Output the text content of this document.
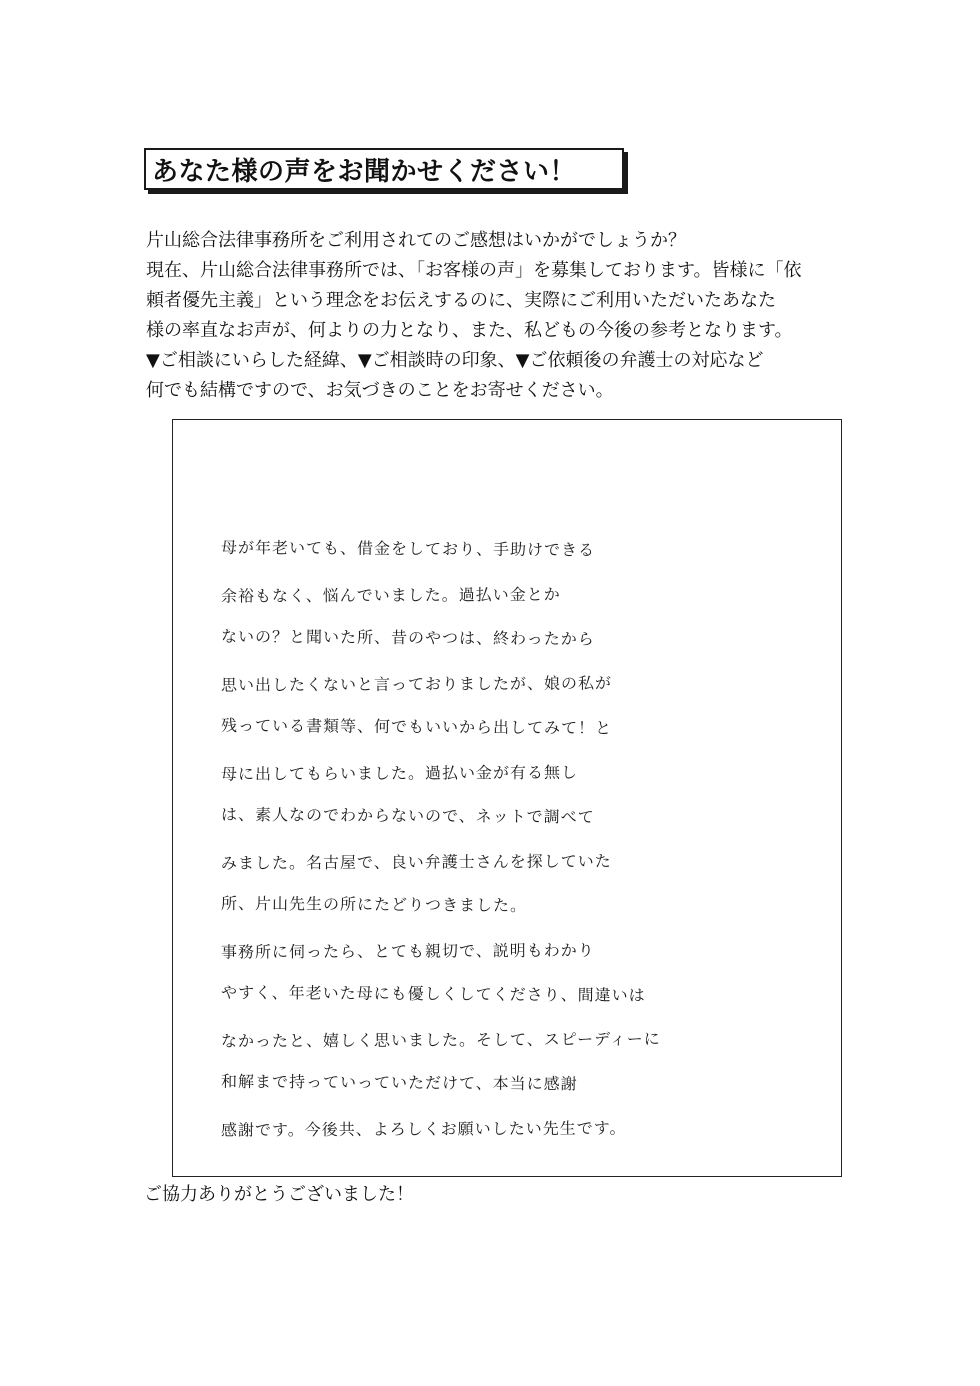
あなた様の声をお聞かせください！
片山総合法律事務所をご利用されてのご感想はいかがでしょうか？
現在、片山総合法律事務所では、「お客様の声」を募集しております。皆様に「依
頼者優先主義」という理念をお伝えするのに、実際にご利用いただいたあなた
様の率直なお声が、何よりの力となり、また、私どもの今後の参考となります。
▼ご相談にいらした経緯、▼ご相談時の印象、▼ご依頼後の弁護士の対応など
何でも結構ですので、お気づきのことをお寄せください。
母が年老いても、借金をしており、手助けできる
余裕もなく、悩んでいました。過払い金とか
ないの？と聞いた所、昔のやつは、終わったから
思い出したくないと言っておりましたが、娘の私が
残っている書類等、何でもいいから出してみて！と
母に出してもらいました。過払い金が有る無し
は、素人なのでわからないので、ネットで調べて
みました。名古屋で、良い弁護士さんを探していた
所、片山先生の所にたどりつきました。
事務所に伺ったら、とても親切で、説明もわかり
やすく、年老いた母にも優しくしてくださり、間違いは
なかったと、嬉しく思いました。そして、スピーディーに
和解まで持っていっていただけて、本当に感謝
感謝です。今後共、よろしくお願いしたい先生です。
ご協力ありがとうございました！
